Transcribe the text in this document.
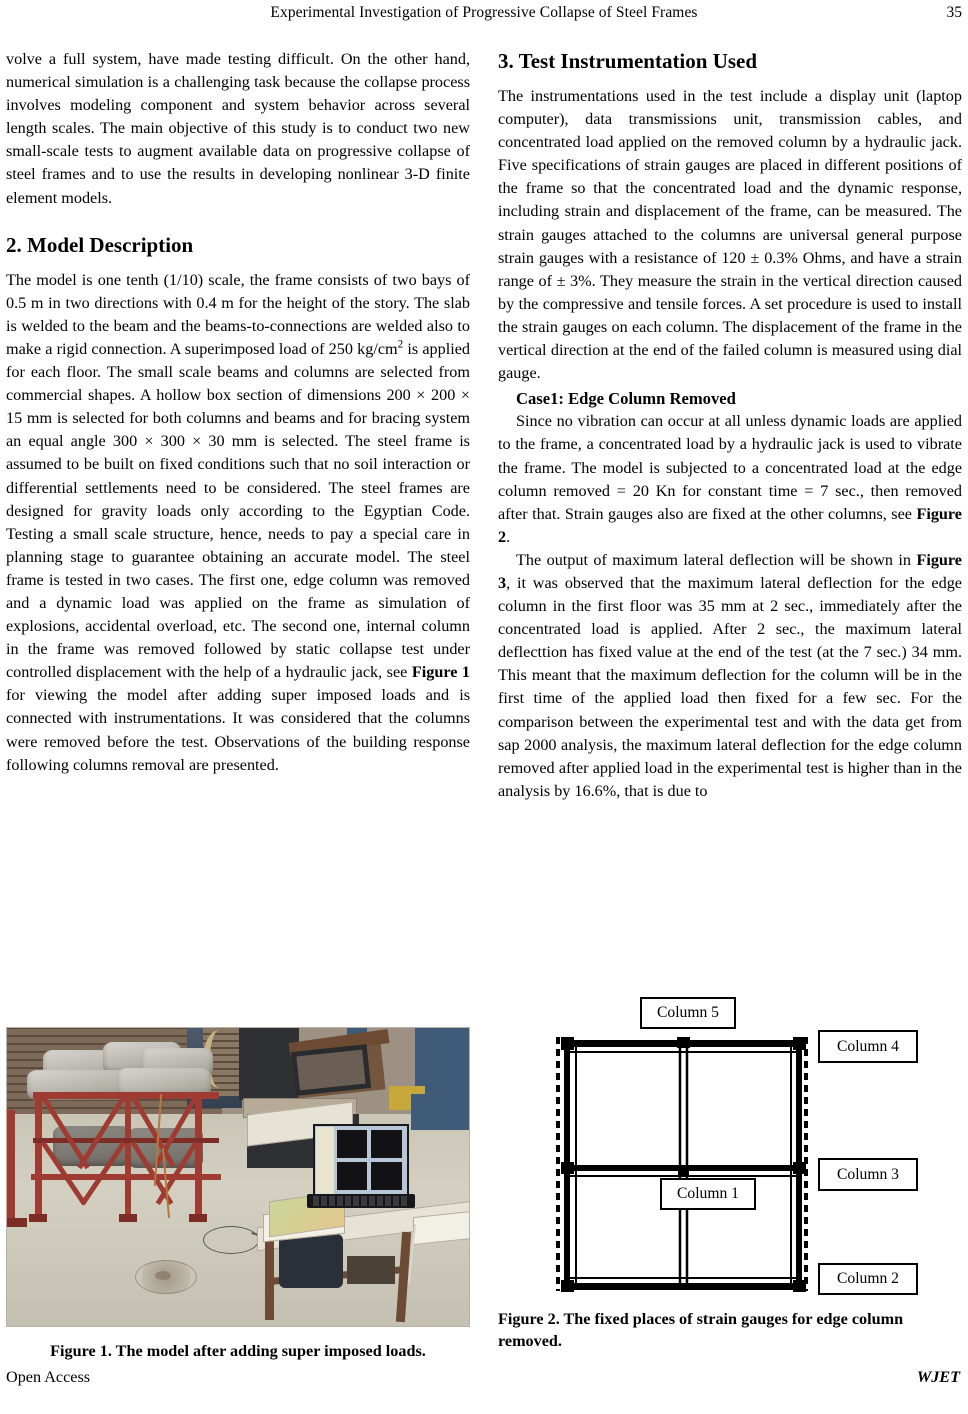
Experimental Investigation of Progressive Collapse of Steel Frames	35

volve a full system, have made testing difficult. On the other hand, numerical simulation is a challenging task because the collapse process involves modeling component and system behavior across several length scales. The main objective of this study is to conduct two new small-scale tests to augment available data on progressive collapse of steel frames and to use the results in developing nonlinear 3-D finite element models.

2. Model Description

The model is one tenth (1/10) scale, the frame consists of two bays of 0.5 m in two directions with 0.4 m for the height of the story. The slab is welded to the beam and the beams-to-connections are welded also to make a rigid connection. A superimposed load of 250 $kg/cm^2$ is applied for each floor. The small scale beams and columns are selected from commercial shapes. A hollow box section of dimensions 200 × 200 × 15 mm is selected for both columns and beams and for bracing system an equal angle 300 × 300 × 30 mm is selected. The steel frame is assumed to be built on fixed conditions such that no soil interaction or differential settlements need to be considered. The steel frames are designed for gravity loads only according to the Egyptian Code. Testing a small scale structure, hence, needs to pay a special care in planning stage to guarantee obtaining an accurate model. The steel frame is tested in two cases. The first one, edge column was removed and a dynamic load was applied on the frame as simulation of explosions, accidental overload, etc. The second one, internal column in the frame was removed followed by static collapse test under controlled displacement with the help of a hydraulic jack, see Figure 1 for viewing the model after adding super imposed loads and is connected with instrumentations. It was considered that the columns were removed before the test. Observations of the building response following columns removal are presented.

3. Test Instrumentation Used

The instrumentations used in the test include a display unit (laptop computer), data transmissions unit, transmission cables, and concentrated load applied on the removed column by a hydraulic jack. Five specifications of strain gauges are placed in different positions of the frame so that the concentrated load and the dynamic response, including strain and displacement of the frame, can be measured. The strain gauges attached to the columns are universal general purpose strain gauges with a resistance of 120 ± 0.3% Ohms, and have a strain range of ± 3%. They measure the strain in the vertical direction caused by the compressive and tensile forces. A set procedure is used to install the strain gauges on each column. The displacement of the frame in the vertical direction at the end of the failed column is measured using dial gauge.

Case1: Edge Column Removed

Since no vibration can occur at all unless dynamic loads are applied to the frame, a concentrated load by a hydraulic jack is used to vibrate the frame. The model is subjected to a concentrated load at the edge column removed = 20 Kn for constant time = 7 sec., then removed after that. Strain gauges also are fixed at the other columns, see Figure 2.

The output of maximum lateral deflection will be shown in Figure 3, it was observed that the maximum lateral deflection for the edge column in the first floor was 35 mm at 2 sec., immediately after the concentrated load is applied. After 2 sec., the maximum lateral deflecttion has fixed value at the end of the test (at the 7 sec.) 34 mm. This meant that the maximum deflection for the column will be in the first time of the applied load then fixed for a few sec. For the comparison between the experimental test and with the data get from sap 2000 analysis, the maximum lateral deflection for the edge column removed after applied load in the experimental test is higher than in the analysis by 16.6%, that is due to

Figure 1. The model after adding super imposed loads.
Column 5
Column 4
Column 3
Column 1
Column 2
Figure 2. The fixed places of strain gauges for edge column removed.
Open Access	WJET
